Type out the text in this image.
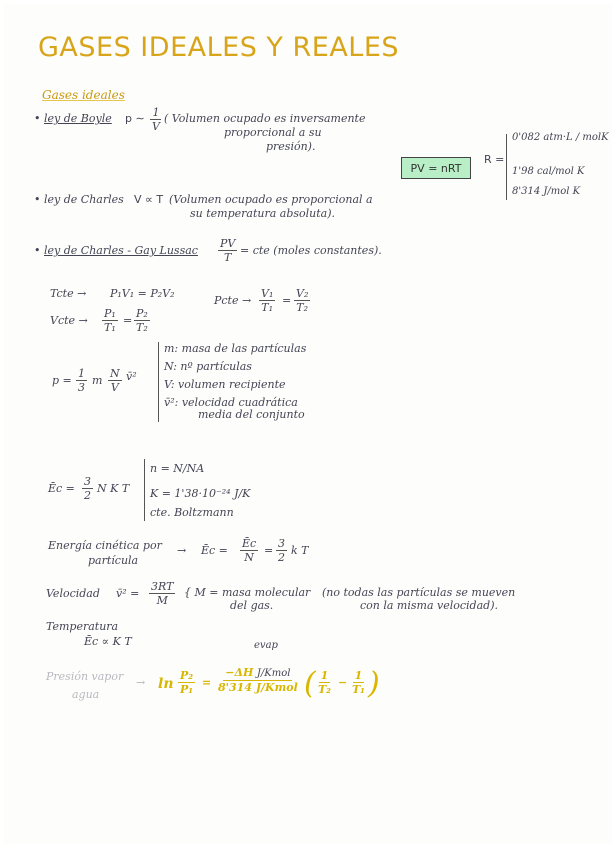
GASES IDEALES Y REALES
Gases ideales
• ley de Boyle p ∼ $\frac{1}{V}$ ( Volumen ocupado es inversamente
proporcional a su
presión).
PV = nRT
R =
0'082 atm·L / molK
1'98 cal/mol K
8'314 J/mol K
• ley de Charles V ∝ T (Volumen ocupado es proporcional a
su temperatura absoluta).
• ley de Charles - Gay Lussac $\frac{PV}{T}$ = cte (moles constantes).
Tcte → P₁V₁ = P₂V₂
Vcte → $\frac{\text{P₁}}{\text{T₁}} = \frac{\text{P₂}}{\text{T₂}}$
Pcte → $\frac{\text{V₁}}{\text{T₁}} = \frac{\text{V₂}}{\text{T₂}}$
$p = \frac{1}{3}$ m $\frac{N}{V}$ v̄²
m: masa de las partículas
N: nº partículas
V: volumen recipiente
v̄²: velocidad cuadrática
media del conjunto
Ēc = $\frac{3}{2}$ N K T
n = N/NA
K = 1'38·10⁻²⁴ J/K
cte. Boltzmann
Energía cinética por
partícula
→ Ēc = $\frac{Ēc}{N} = \frac{3}{2}$ k T
Velocidad v̄² = $\frac{3RT}{M}$ { M = masa molecular
del gas.
(no todas las partículas se mueven
con la misma velocidad).
Temperatura
Ēc ∝ K T
Presión vapor
agua
→ $\ln \frac{\text{P₂}}{\text{P₁}}$ =
evap
−ΔH J/Kmol
8'314 J/Kmol ( $\frac{1}{\text{T₂}} - \frac{1}{\text{T₁}}$ )
